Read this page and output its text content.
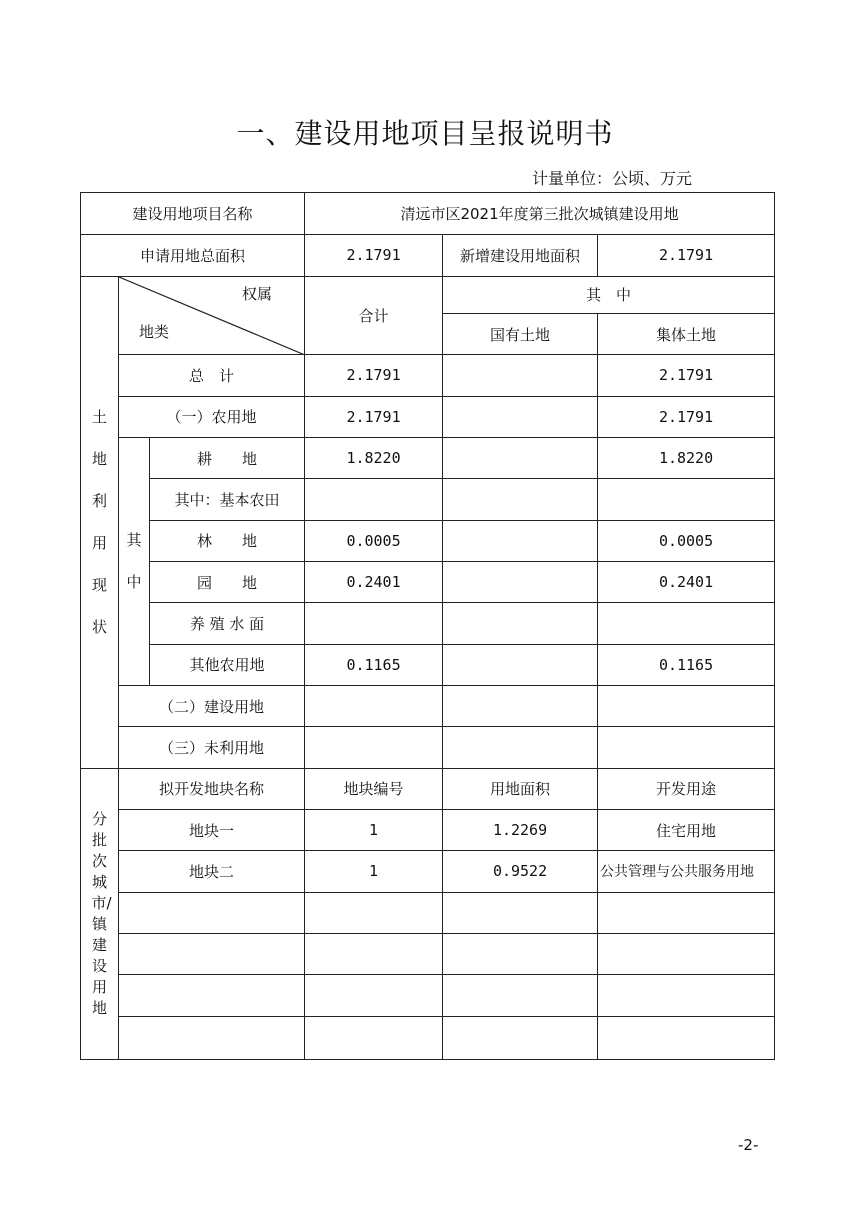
一、建设用地项目呈报说明书
计量单位：公顷、万元
建设用地项目名称			清远市区2021年度第三批次城镇建设用地		
申请用地总面积			2.1791	新增建设用地面积	2.1791
土地利用现状	权属
地类		合计	其　中	
				国有土地	集体土地
	总　计		2.1791		2.1791
	（一）农用地		2.1791		2.1791
	其中	耕　　地	1.8220		1.8220
		其中：基本农田			
		林　　地	0.0005		0.0005
		园　　地	0.2401		0.2401
		养 殖 水 面			
		其他农用地	0.1165		0.1165
	（二）建设用地				
	（三）未利用地				
分批次城市/镇建设用地	拟开发地块名称		地块编号	用地面积	开发用途
	地块一		1	1.2269	住宅用地
	地块二		1	0.9522	公共管理与公共服务用地

-2-
